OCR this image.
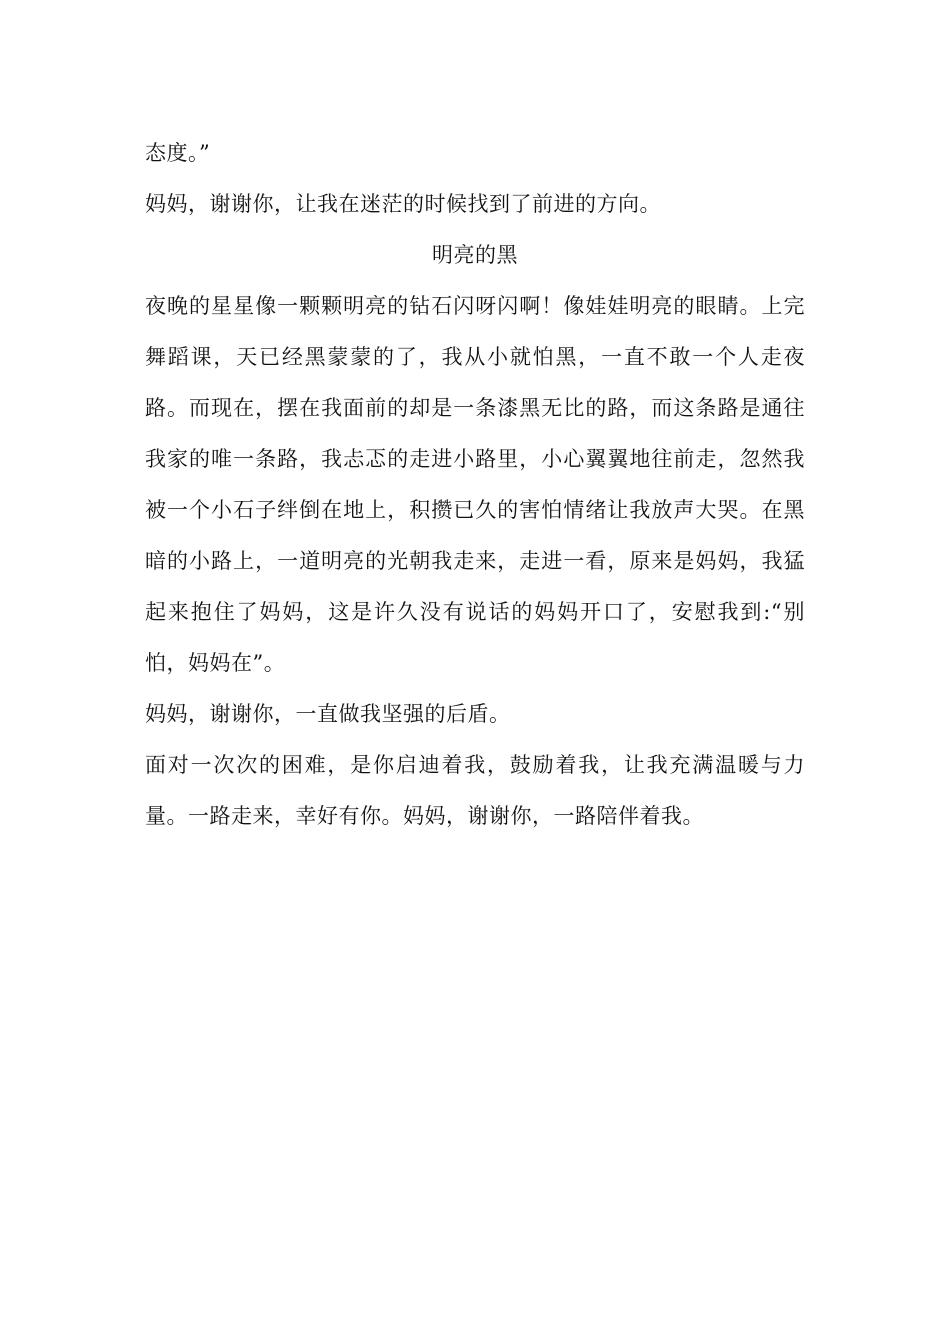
态度。”

妈妈，谢谢你，让我在迷茫的时候找到了前进的方向。

明亮的黑

夜晚的星星像一颗颗明亮的钻石闪呀闪啊！像娃娃明亮的眼睛。上完舞蹈课，天已经黑蒙蒙的了，我从小就怕黑，一直不敢一个人走夜路。而现在，摆在我面前的却是一条漆黑无比的路，而这条路是通往我家的唯一条路，我忐忑的走进小路里，小心翼翼地往前走，忽然我被一个小石子绊倒在地上，积攒已久的害怕情绪让我放声大哭。在黑暗的小路上，一道明亮的光朝我走来，走进一看，原来是妈妈，我猛起来抱住了妈妈，这是许久没有说话的妈妈开口了，安慰我到:“别怕，妈妈在”。

妈妈，谢谢你，一直做我坚强的后盾。

面对一次次的困难，是你启迪着我，鼓励着我，让我充满温暖与力量。一路走来，幸好有你。妈妈，谢谢你，一路陪伴着我。
